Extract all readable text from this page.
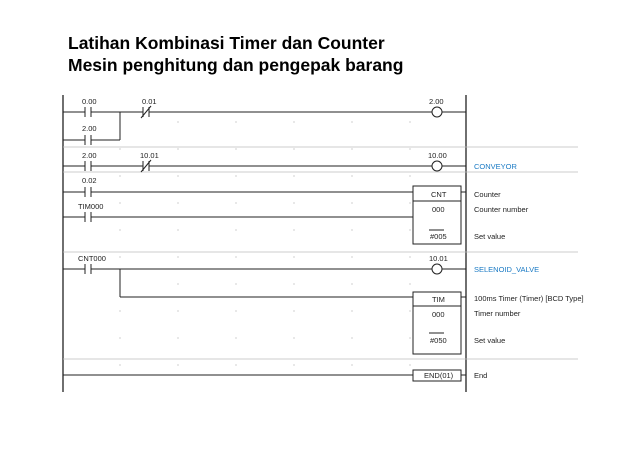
Latihan Kombinasi Timer dan Counter
Mesin penghitung dan pengepak barang
0.00	0.01	2.00
2.00
2.00	10.01	10.00
CONVEYOR
0.02
TIM000
CNT
000
#005
Counter
Counter number
Set value
CNT000	10.01
SELENOID_VALVE
TIM
000
#050
100ms Timer (Timer) [BCD Type]
Timer number
Set value
END(01)	End
